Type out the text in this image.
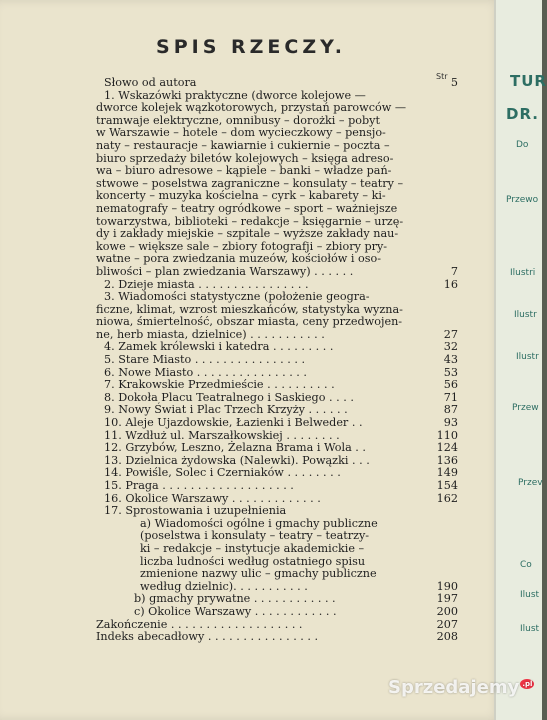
SPIS RZECZY.
Str
Słowo od autora	5
1. Wskazówki praktyczne (dworce kolejowe —
dworce kolejek wązkotorowych, przystań parowców —
tramwaje elektryczne, omnibusy – dorożki – pobyt
w Warszawie – hotele – dom wycieczkowy – pensjo-
naty – restauracje – kawiarnie i cukiernie – poczta –
biuro sprzedaży biletów kolejowych – księga adreso-
wa – biuro adresowe – kąpiele – banki – władze pań-
stwowe – poselstwa zagraniczne – konsulaty – teatry –
koncerty – muzyka kościelna – cyrk – kabarety – ki-
nematografy – teatry ogródkowe – sport – ważniejsze
towarzystwa, biblioteki – redakcje – księgarnie – urzę-
dy i zakłady miejskie – szpitale – wyższe zakłady nau-
kowe – większe sale – zbiory fotografji – zbiory pry-
watne – pora zwiedzania muzeów, kościołów i oso-
bliwości – plan zwiedzania Warszawy) . . . . . .	7
2. Dzieje miasta . . . . . . . . . . . . . . . .	16
3. Wiadomości statystyczne (położenie geogra-
ficzne, klimat, wzrost mieszkańców, statystyka wyzna-
niowa, śmiertelność, obszar miasta, ceny przedwojen-
ne, herb miasta, dzielnice) . . . . . . . . . . .	27
4. Zamek królewski i katedra . . . . . . . . .	32
5. Stare Miasto . . . . . . . . . . . . . . . .	43
6. Nowe Miasto . . . . . . . . . . . . . . . .	53
7. Krakowskie Przedmieście . . . . . . . . . .	56
8. Dokoła Placu Teatralnego i Saskiego . . . .	71
9. Nowy Świat i Plac Trzech Krzyży . . . . . .	87
10. Aleje Ujazdowskie, Łazienki i Belweder . .	93
11. Wzdłuż ul. Marszałkowskiej . . . . . . . .	110
12. Grzybów, Leszno, Żelazna Brama i Wola . .	124
13. Dzielnica żydowska (Nalewki). Powązki . . .	136
14. Powiśle, Solec i Czerniaków . . . . . . . .	149
15. Praga . . . . . . . . . . . . . . . . . . .	154
16. Okolice Warszawy . . . . . . . . . . . . .	162
17. Sprostowania i uzupełnienia
a) Wiadomości ogólne i gmachy publiczne
(poselstwa i konsulaty – teatry – teatrzy-
ki – redakcje – instytucje akademickie –
liczba ludności według ostatniego spisu
zmienione nazwy ulic – gmachy publiczne
według dzielnic). . . . . . . . . . .	190
b) gmachy prywatne . . . . . . . . . . . .	197
c) Okolice Warszawy . . . . . . . . . . . .	200
Zakończenie . . . . . . . . . . . . . . . . . . .	207
Indeks abecadłowy . . . . . . . . . . . . . . . .	208
TUR
DR.
Do
Przewo
Ilustri
Ilustr
Ilustr
Przew
Przev
Co
Ilust
Ilust
Sprzedajemy $^{.pl}$
